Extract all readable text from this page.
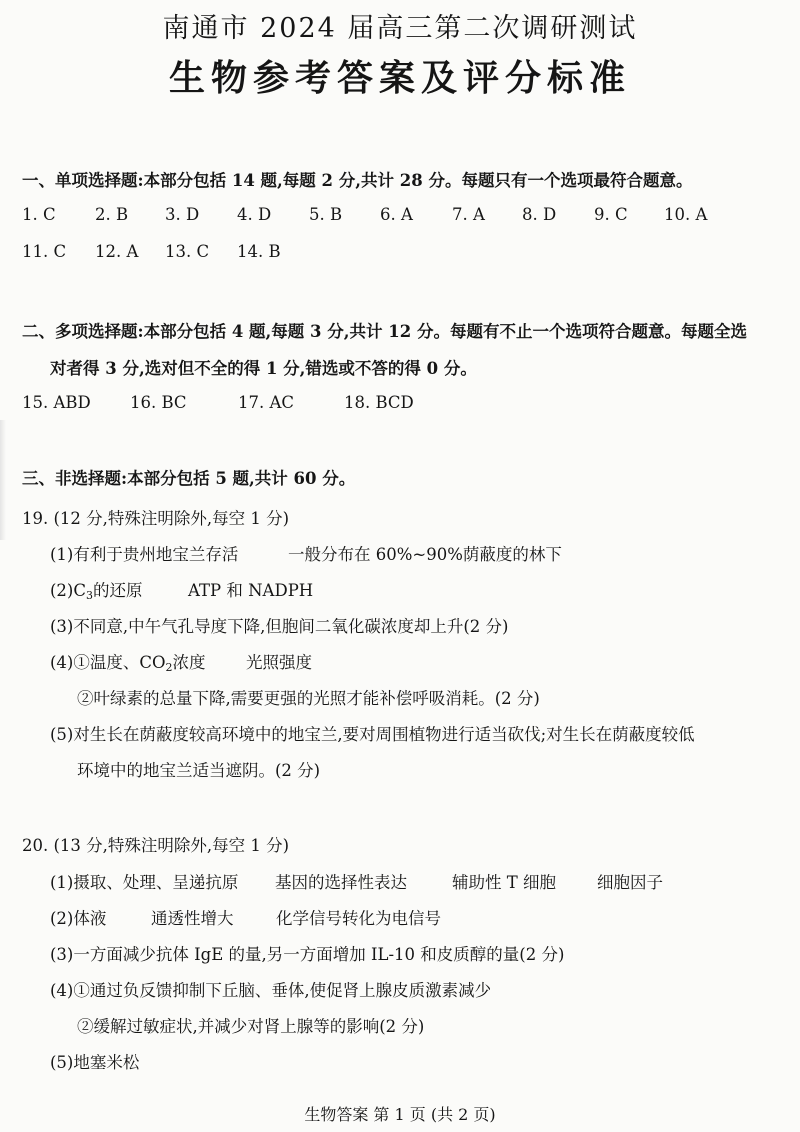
南通市 2024 届高三第二次调研测试
生物参考答案及评分标准
一、单项选择题:本部分包括 14 题,每题 2 分,共计 28 分。每题只有一个选项最符合题意。
1. C 2. B 3. D 4. D 5. B 6. A 7. A 8. D 9. C 10. A
11. C 12. A 13. C 14. B
二、多项选择题:本部分包括 4 题,每题 3 分,共计 12 分。每题有不止一个选项符合题意。每题全选
对者得 3 分,选对但不全的得 1 分,错选或不答的得 0 分。
15. ABD 16. BC	17. AC	18. BCD
三、非选择题:本部分包括 5 题,共计 60 分。
19. (12 分,特殊注明除外,每空 1 分)
(1)有利于贵州地宝兰存活	一般分布在 60%~90%荫蔽度的林下
$(2)C_3$的还原	ATP 和 NADPH
(3)不同意,中午气孔导度下降,但胞间二氧化碳浓度却上升(2 分)
(4)①温度、$CO_2$浓度 光照强度
②叶绿素的总量下降,需要更强的光照才能补偿呼吸消耗。(2 分)
(5)对生长在荫蔽度较高环境中的地宝兰,要对周围植物进行适当砍伐;对生长在荫蔽度较低
环境中的地宝兰适当遮阴。(2 分)
20. (13 分,特殊注明除外,每空 1 分)
(1)摄取、处理、呈递抗原 基因的选择性表达	辅助性 T 细胞 细胞因子
(2)体液	通透性增大	化学信号转化为电信号
(3)一方面减少抗体 IgE 的量,另一方面增加 IL-10 和皮质醇的量(2 分)
(4)①通过负反馈抑制下丘脑、垂体,使促肾上腺皮质激素减少
②缓解过敏症状,并减少对肾上腺等的影响(2 分)
(5)地塞米松
生物答案 第 1 页 (共 2 页)
